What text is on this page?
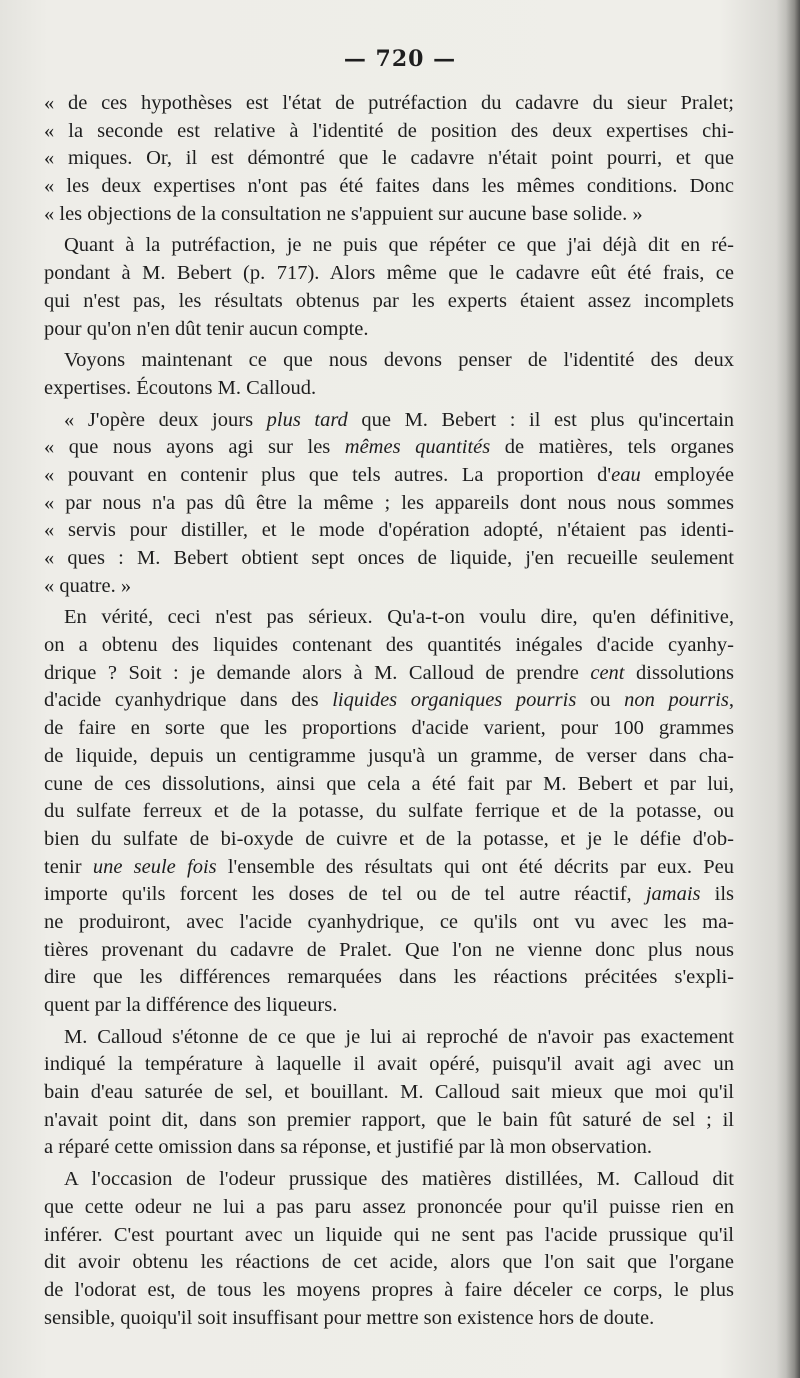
— 720 —
« de ces hypothèses est l'état de putréfaction du cadavre du sieur Pralet;
« la seconde est relative à l'identité de position des deux expertises chi-
« miques. Or, il est démontré que le cadavre n'était point pourri, et que
« les deux expertises n'ont pas été faites dans les mêmes conditions. Donc
« les objections de la consultation ne s'appuient sur aucune base solide. »
Quant à la putréfaction, je ne puis que répéter ce que j'ai déjà dit en ré-
pondant à M. Bebert (p. 717). Alors même que le cadavre eût été frais, ce
qui n'est pas, les résultats obtenus par les experts étaient assez incomplets
pour qu'on n'en dût tenir aucun compte.
Voyons maintenant ce que nous devons penser de l'identité des deux
expertises. Écoutons M. Calloud.
« J'opère deux jours plus tard que M. Bebert : il est plus qu'incertain
« que nous ayons agi sur les mêmes quantités de matières, tels organes
« pouvant en contenir plus que tels autres. La proportion d'eau employée
« par nous n'a pas dû être la même ; les appareils dont nous nous sommes
« servis pour distiller, et le mode d'opération adopté, n'étaient pas identi-
« ques : M. Bebert obtient sept onces de liquide, j'en recueille seulement
« quatre. »
En vérité, ceci n'est pas sérieux. Qu'a-t-on voulu dire, qu'en définitive,
on a obtenu des liquides contenant des quantités inégales d'acide cyanhy-
drique ? Soit : je demande alors à M. Calloud de prendre cent dissolutions
d'acide cyanhydrique dans des liquides organiques pourris ou non pourris,
de faire en sorte que les proportions d'acide varient, pour 100 grammes
de liquide, depuis un centigramme jusqu'à un gramme, de verser dans cha-
cune de ces dissolutions, ainsi que cela a été fait par M. Bebert et par lui,
du sulfate ferreux et de la potasse, du sulfate ferrique et de la potasse, ou
bien du sulfate de bi-oxyde de cuivre et de la potasse, et je le défie d'ob-
tenir une seule fois l'ensemble des résultats qui ont été décrits par eux. Peu
importe qu'ils forcent les doses de tel ou de tel autre réactif, jamais ils
ne produiront, avec l'acide cyanhydrique, ce qu'ils ont vu avec les ma-
tières provenant du cadavre de Pralet. Que l'on ne vienne donc plus nous
dire que les différences remarquées dans les réactions précitées s'expli-
quent par la différence des liqueurs.
M. Calloud s'étonne de ce que je lui ai reproché de n'avoir pas exactement
indiqué la température à laquelle il avait opéré, puisqu'il avait agi avec un
bain d'eau saturée de sel, et bouillant. M. Calloud sait mieux que moi qu'il
n'avait point dit, dans son premier rapport, que le bain fût saturé de sel ; il
a réparé cette omission dans sa réponse, et justifié par là mon observation.
A l'occasion de l'odeur prussique des matières distillées, M. Calloud dit
que cette odeur ne lui a pas paru assez prononcée pour qu'il puisse rien en
inférer. C'est pourtant avec un liquide qui ne sent pas l'acide prussique qu'il
dit avoir obtenu les réactions de cet acide, alors que l'on sait que l'organe
de l'odorat est, de tous les moyens propres à faire déceler ce corps, le plus
sensible, quoiqu'il soit insuffisant pour mettre son existence hors de doute.
